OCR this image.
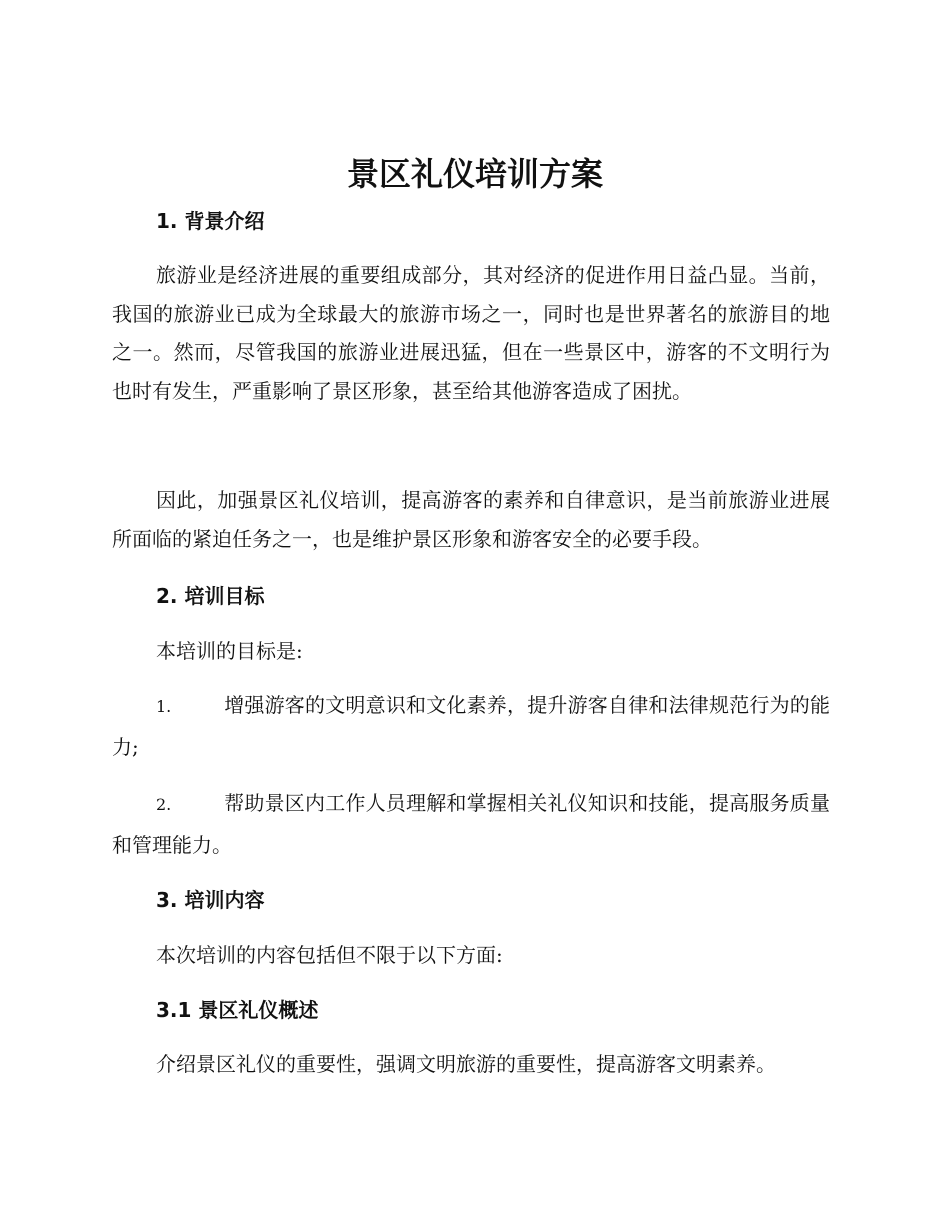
景区礼仪培训方案
1. 背景介绍
旅游业是经济进展的重要组成部分，其对经济的促进作用日益凸显。当前，我国的旅游业已成为全球最大的旅游市场之一，同时也是世界著名的旅游目的地之一。然而，尽管我国的旅游业进展迅猛，但在一些景区中，游客的不文明行为也时有发生，严重影响了景区形象，甚至给其他游客造成了困扰。
因此，加强景区礼仪培训，提高游客的素养和自律意识，是当前旅游业进展所面临的紧迫任务之一，也是维护景区形象和游客安全的必要手段。
2. 培训目标
本培训的目标是:
1.	增强游客的文明意识和文化素养，提升游客自律和法律规范行为的能力;
2.	帮助景区内工作人员理解和掌握相关礼仪知识和技能，提高服务质量和管理能力。
3. 培训内容
本次培训的内容包括但不限于以下方面:
3.1 景区礼仪概述
介绍景区礼仪的重要性，强调文明旅游的重要性，提高游客文明素养。
